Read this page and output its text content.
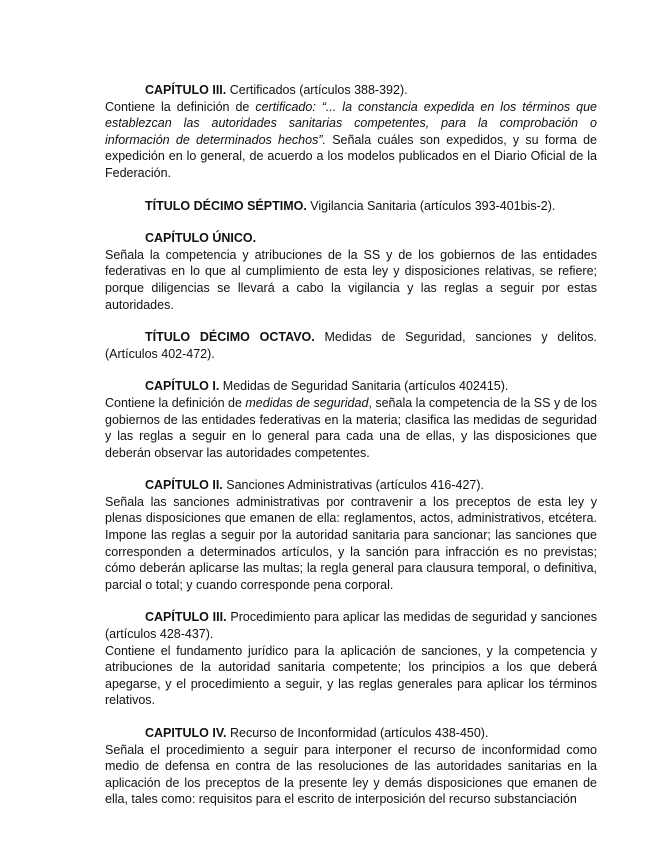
CAPÍTULO III. Certificados (artículos 388-392).

Contiene la definición de certificado: “... la constancia expedida en los términos que establezcan las autoridades sanitarias competentes, para la comprobación o información de determinados hechos”. Señala cuáles son expedidos, y su forma de expedición en lo general, de acuerdo a los modelos publicados en el Diario Oficial de la Federación.

TÍTULO DÉCIMO SÉPTIMO. Vigilancia Sanitaria (artículos 393-401bis-2).

CAPÍTULO ÚNICO.

Señala la competencia y atribuciones de la SS y de los gobiernos de las entidades federativas en lo que al cumplimiento de esta ley y disposiciones relativas, se refiere; porque diligencias se llevará a cabo la vigilancia y las reglas a seguir por estas autoridades.

TÍTULO DÉCIMO OCTAVO. Medidas de Seguridad, sanciones y delitos. (Artículos 402-472).

CAPÍTULO I. Medidas de Seguridad Sanitaria (artículos 402415).

Contiene la definición de medidas de seguridad, señala la competencia de la SS y de los gobiernos de las entidades federativas en la materia; clasifica las medidas de seguridad y las reglas a seguir en lo general para cada una de ellas, y las disposiciones que deberán observar las autoridades competentes.

CAPÍTULO II. Sanciones Administrativas (artículos 416-427).

Señala las sanciones administrativas por contravenir a los preceptos de esta ley y plenas disposiciones que emanen de ella: reglamentos, actos, administrativos, etcétera. Impone las reglas a seguir por la autoridad sanitaria para sancionar; las sanciones que corresponden a determinados artículos, y la sanción para infracción es no previstas; cómo deberán aplicarse las multas; la regla general para clausura temporal, o definitiva, parcial o total; y cuando corresponde pena corporal.

CAPÍTULO III. Procedimiento para aplicar las medidas de seguridad y sanciones (artículos 428-437).

Contiene el fundamento jurídico para la aplicación de sanciones, y la competencia y atribuciones de la autoridad sanitaria competente; los principios a los que deberá apegarse, y el procedimiento a seguir, y las reglas generales para aplicar los términos relativos.

CAPITULO IV. Recurso de Inconformidad (artículos 438-450).

Señala el procedimiento a seguir para interponer el recurso de inconformidad como medio de defensa en contra de las resoluciones de las autoridades sanitarias en la aplicación de los preceptos de la presente ley y demás disposiciones que emanen de ella, tales como: requisitos para el escrito de interposición del recurso substanciación
